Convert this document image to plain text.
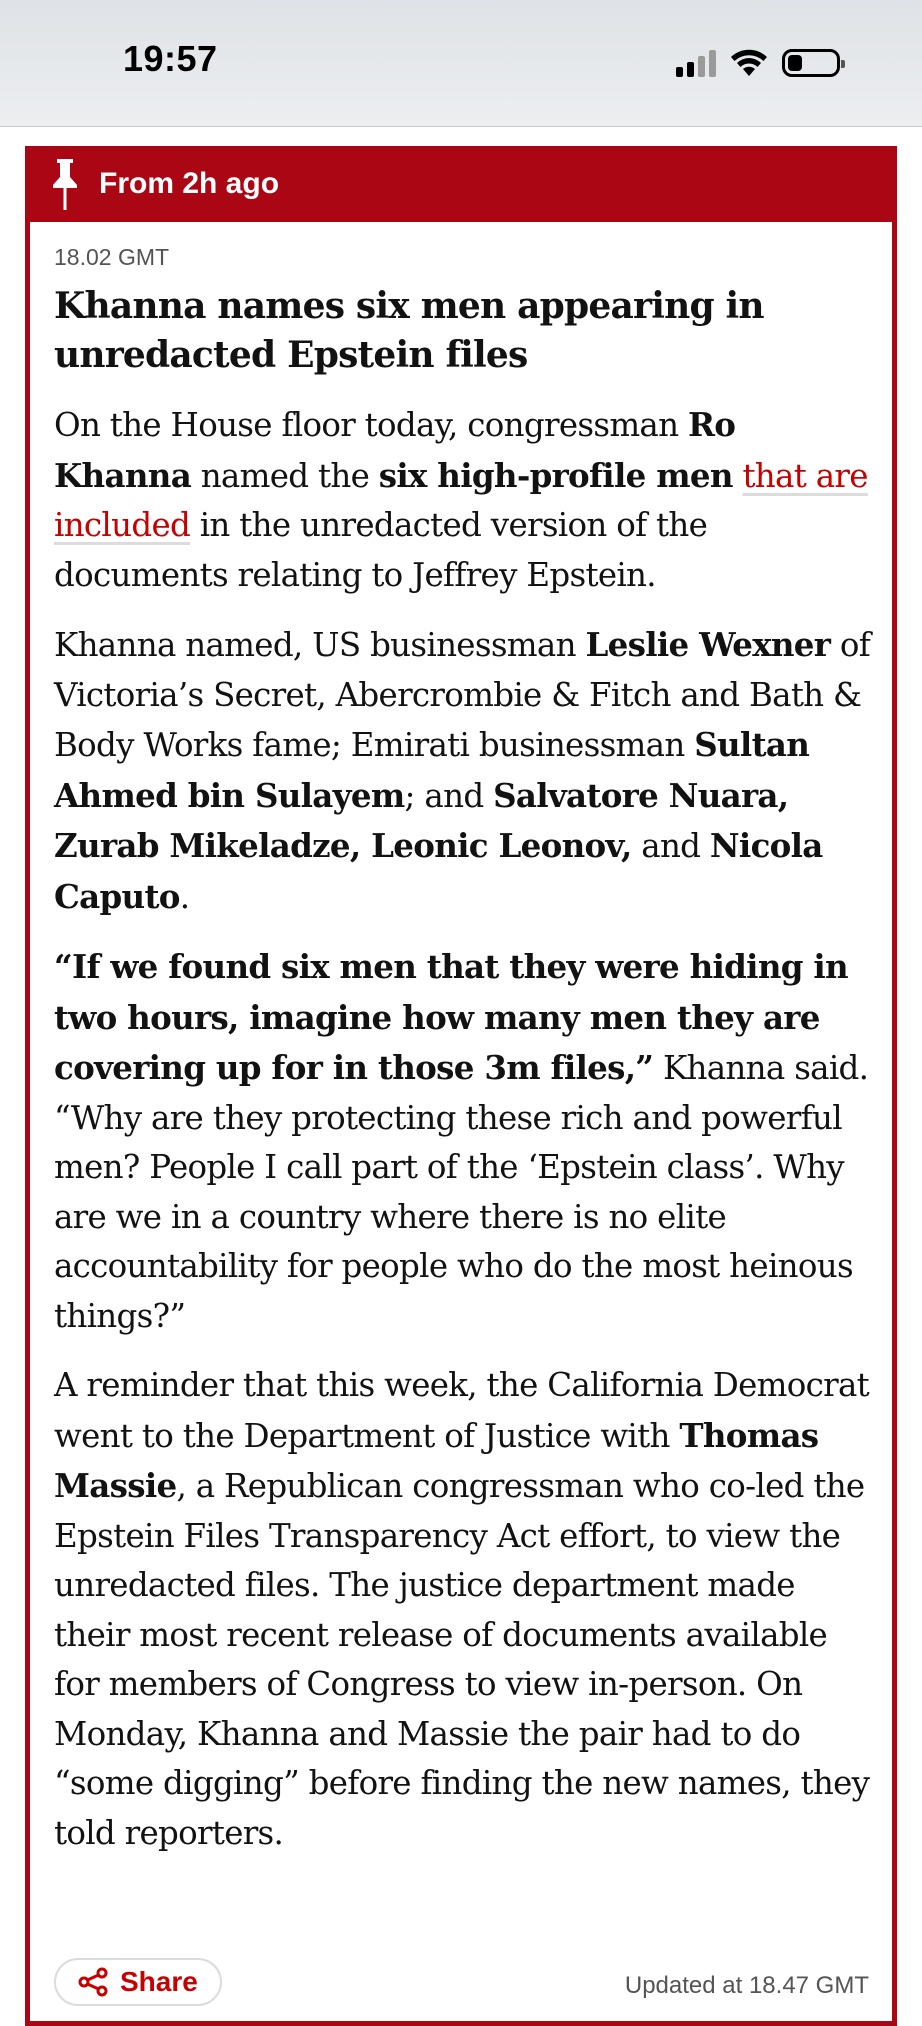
19:57
From 2h ago
18.02 GMT
Khanna names six men appearing in unredacted Epstein files

On the House floor today, congressman Ro Khanna named the six high-profile men that are included in the unredacted version of the documents relating to Jeffrey Epstein.

Khanna named, US businessman Leslie Wexner of Victoria’s Secret, Abercrombie & Fitch and Bath & Body Works fame; Emirati businessman Sultan Ahmed bin Sulayem; and Salvatore Nuara, Zurab Mikeladze, Leonic Leonov, and Nicola Caputo.

“If we found six men that they were hiding in two hours, imagine how many men they are covering up for in those 3m files,” Khanna said. “Why are they protecting these rich and powerful men? People I call part of the ‘Epstein class’. Why are we in a country where there is no elite accountability for people who do the most heinous things?”

A reminder that this week, the California Democrat went to the Department of Justice with Thomas Massie, a Republican congressman who co-led the Epstein Files Transparency Act effort, to view the unredacted files. The justice department made their most recent release of documents available for members of Congress to view in-person. On Monday, Khanna and Massie the pair had to do “some digging” before finding the new names, they told reporters.

Share	Updated at 18.47 GMT
